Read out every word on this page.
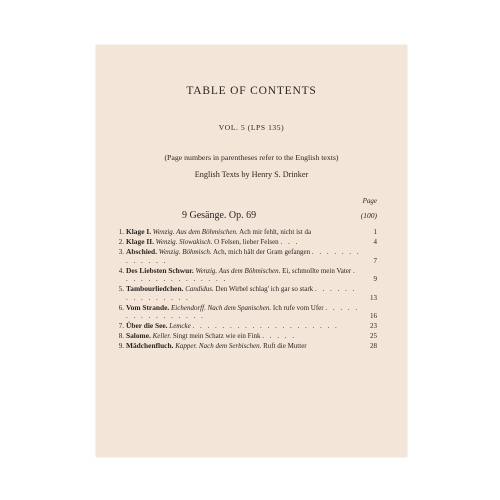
TABLE OF CONTENTS
VOL. 5 (LPS 135)
(Page numbers in parentheses refer to the English texts)
English Texts by Henry S. Drinker
Page
9 Gesänge. Op. 69	(100)
1. Klage I. Wenzig. Aus dem Böhmischen. Ach mir fehlt, nicht ist da	1
2. Klage II. Wenzig. Slowakisch. O Felsen, lieber Felsen . . .	4
3. Abschied. Wenzig. Böhmisch. Ach, mich hält der Gram gefangen . . . . . . . . . . . . .	7
4. Des Liebsten Schwur. Wenzig. Aus dem Böhmischen. Ei, schmollte mein Vater . . . . . . . . . . . . . . .	9
5. Tambourliedchen. Candidus. Den Wirbel schlag' ich gar so stark . . . . . . . . . . . . . . .	13
6. Vom Strande. Eichendorff. Nach dem Spanischen. Ich rufe vom Ufer . . . . . . . . . . . . . . . .	16
7. Über die See. Lemcke . . . . . . . . . . . . . . . . . . . .	23
8. Salome. Keller. Singt mein Schatz wie ein Fink . . . . .	25
9. Mädchenfluch. Kapper. Nach dem Serbischen. Ruft die Mutter	28
